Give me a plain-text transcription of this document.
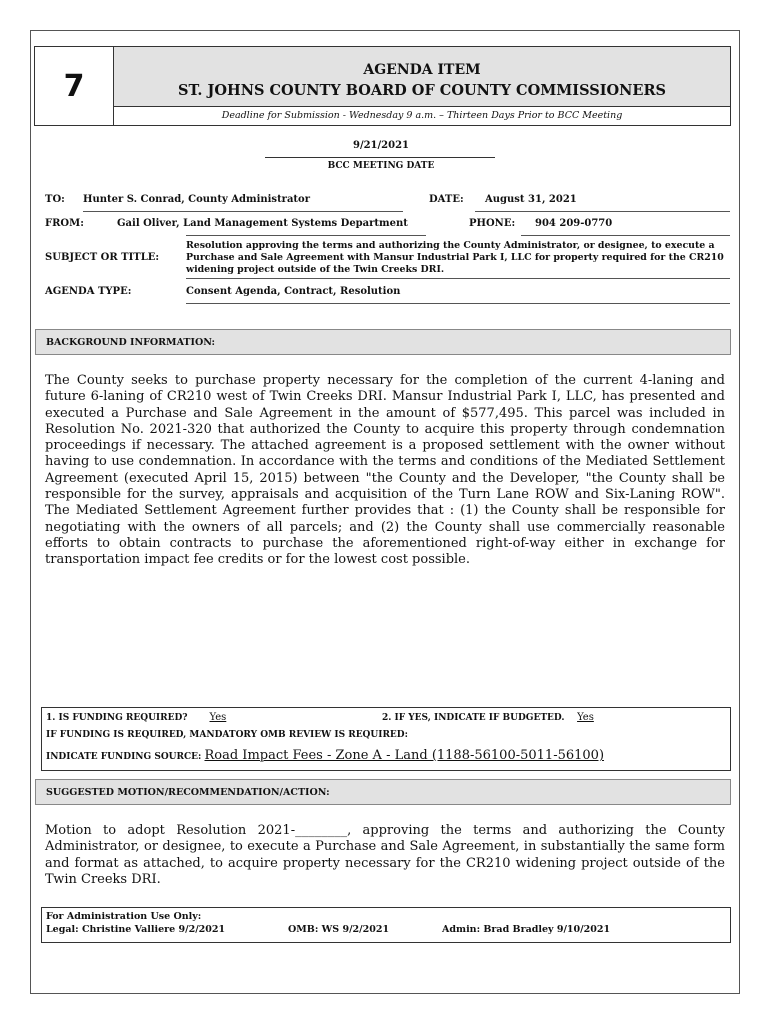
7	AGENDA ITEM
ST. JOHNS COUNTY BOARD OF COUNTY COMMISSIONERS
Deadline for Submission - Wednesday 9 a.m. – Thirteen Days Prior to BCC Meeting
9/21/2021
BCC MEETING DATE
TO: Hunter S. Conrad, County Administrator	DATE: August 31, 2021
FROM:	Gail Oliver, Land Management Systems Department	PHONE: 904 209-0770
SUBJECT OR TITLE:
Resolution approving the terms and authorizing the County Administrator, or designee, to execute a Purchase and Sale Agreement with Mansur Industrial Park I, LLC for property required for the CR210 widening project outside of the Twin Creeks DRI.
AGENDA TYPE:	Consent Agenda, Contract, Resolution
BACKGROUND INFORMATION:
The County seeks to purchase property necessary for the completion of the current 4-laning and future 6-laning of CR210 west of Twin Creeks DRI. Mansur Industrial Park I, LLC, has presented and executed a Purchase and Sale Agreement in the amount of $577,495. This parcel was included in Resolution No. 2021-320 that authorized the County to acquire this property through condemnation proceedings if necessary. The attached agreement is a proposed settlement with the owner without having to use condemnation. In accordance with the terms and conditions of the Mediated Settlement Agreement (executed April 15, 2015) between "the County and the Developer, "the County shall be responsible for the survey, appraisals and acquisition of the Turn Lane ROW and Six-Laning ROW". The Mediated Settlement Agreement further provides that : (1) the County shall be responsible for negotiating with the owners of all parcels; and (2) the County shall use commercially reasonable efforts to obtain contracts to purchase the aforementioned right-of-way either in exchange for transportation impact fee credits or for the lowest cost possible.
1. IS FUNDING REQUIRED? Yes	2. IF YES, INDICATE IF BUDGETED. Yes
IF FUNDING IS REQUIRED, MANDATORY OMB REVIEW IS REQUIRED:
INDICATE FUNDING SOURCE: Road Impact Fees - Zone A - Land (1188-56100-5011-56100)
SUGGESTED MOTION/RECOMMENDATION/ACTION:
Motion to adopt Resolution 2021-________, approving the terms and authorizing the County Administrator, or designee, to execute a Purchase and Sale Agreement, in substantially the same form and format as attached, to acquire property necessary for the CR210 widening project outside of the Twin Creeks DRI.
For Administration Use Only:
Legal: Christine Valliere 9/2/2021	OMB: WS 9/2/2021	Admin: Brad Bradley 9/10/2021
